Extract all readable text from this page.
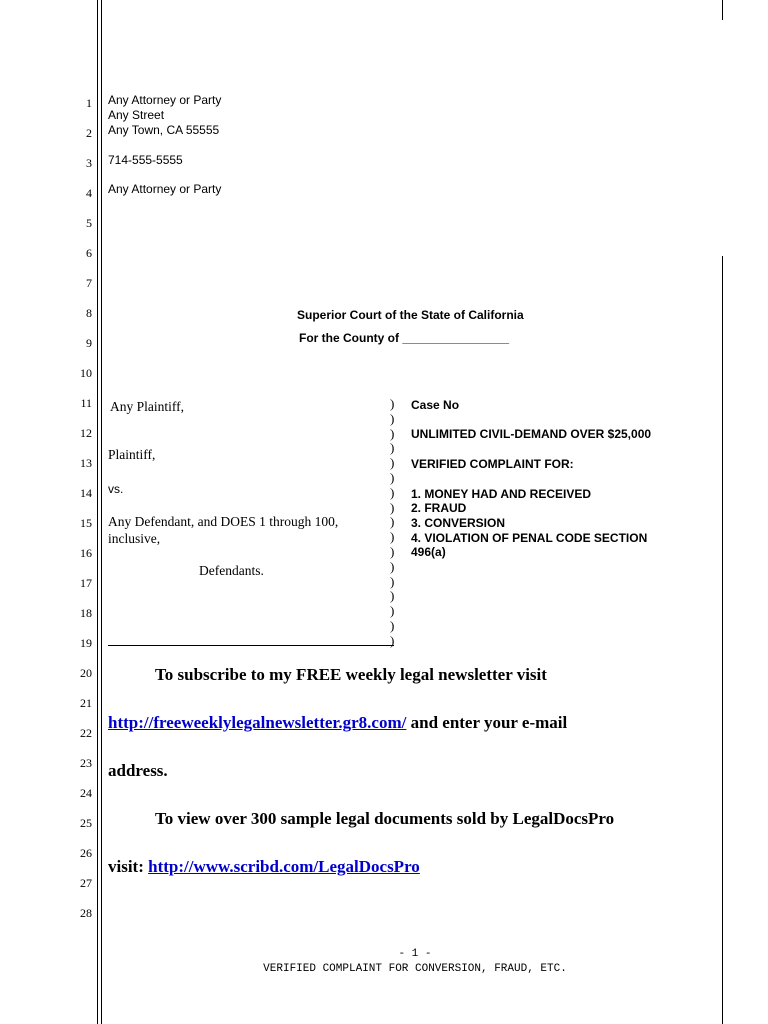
1
2
3
4
5
6
7
8
9
10
11
12
13
14
15
16
17
18
19
20
21
22
23
24
25
26
27
28
Any Attorney or Party
Any Street
Any Town, CA 55555
714-555-5555
Any Attorney or Party
Superior Court of the State of California
For the County of ________________
Any Plaintiff,
Plaintiff,
vs.
Any Defendant, and DOES 1 through 100,
inclusive,
Defendants.
)
)
)
)
)
)
)
)
)
)
)
)
)
)
)
)
)
Case No
UNLIMITED CIVIL-DEMAND OVER $25,000
VERIFIED COMPLAINT FOR:
1. MONEY HAD AND RECEIVED
2. FRAUD
3. CONVERSION
4. VIOLATION OF PENAL CODE SECTION
496(a)
To subscribe to my FREE weekly legal newsletter visit
http://freeweeklylegalnewsletter.gr8.com/ and enter your e-mail
address.
To view over 300 sample legal documents sold by LegalDocsPro
visit: http://www.scribd.com/LegalDocsPro
- 1 -
VERIFIED COMPLAINT FOR CONVERSION, FRAUD, ETC.
